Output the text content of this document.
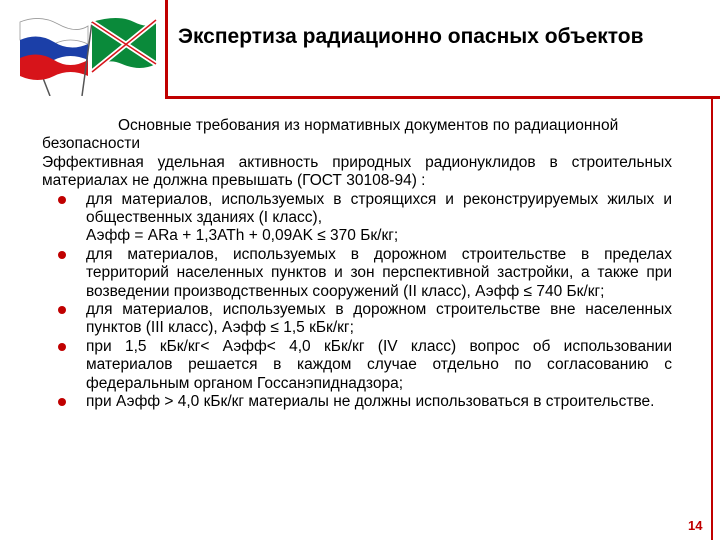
Экспертиза радиационно опасных объектов

Основные требования из нормативных документов по радиационной безопасности

Эффективная удельная активность природных радионуклидов в строительных материалах не должна превышать (ГОСТ 30108-94) :

для материалов, используемых в строящихся и реконструируемых жилых и общественных зданиях (I класс),
Аэфф = ARa + 1,3ATh + 0,09AK ≤ 370 Бк/кг;
для материалов, используемых в дорожном строительстве в пределах территорий населенных пунктов и зон перспективной застройки, а также при возведении производственных сооружений (II класс), Аэфф ≤ 740 Бк/кг;
для материалов, используемых в дорожном строительстве вне населенных пунктов (III класс), Аэфф ≤ 1,5 кБк/кг;
при 1,5 кБк/кг< Аэфф< 4,0 кБк/кг (IV класс) вопрос об использовании материалов решается в каждом случае отдельно по согласованию с федеральным органом Госсанэпиднадзора;
при Аэфф > 4,0 кБк/кг материалы не должны использоваться в строительстве.
14
